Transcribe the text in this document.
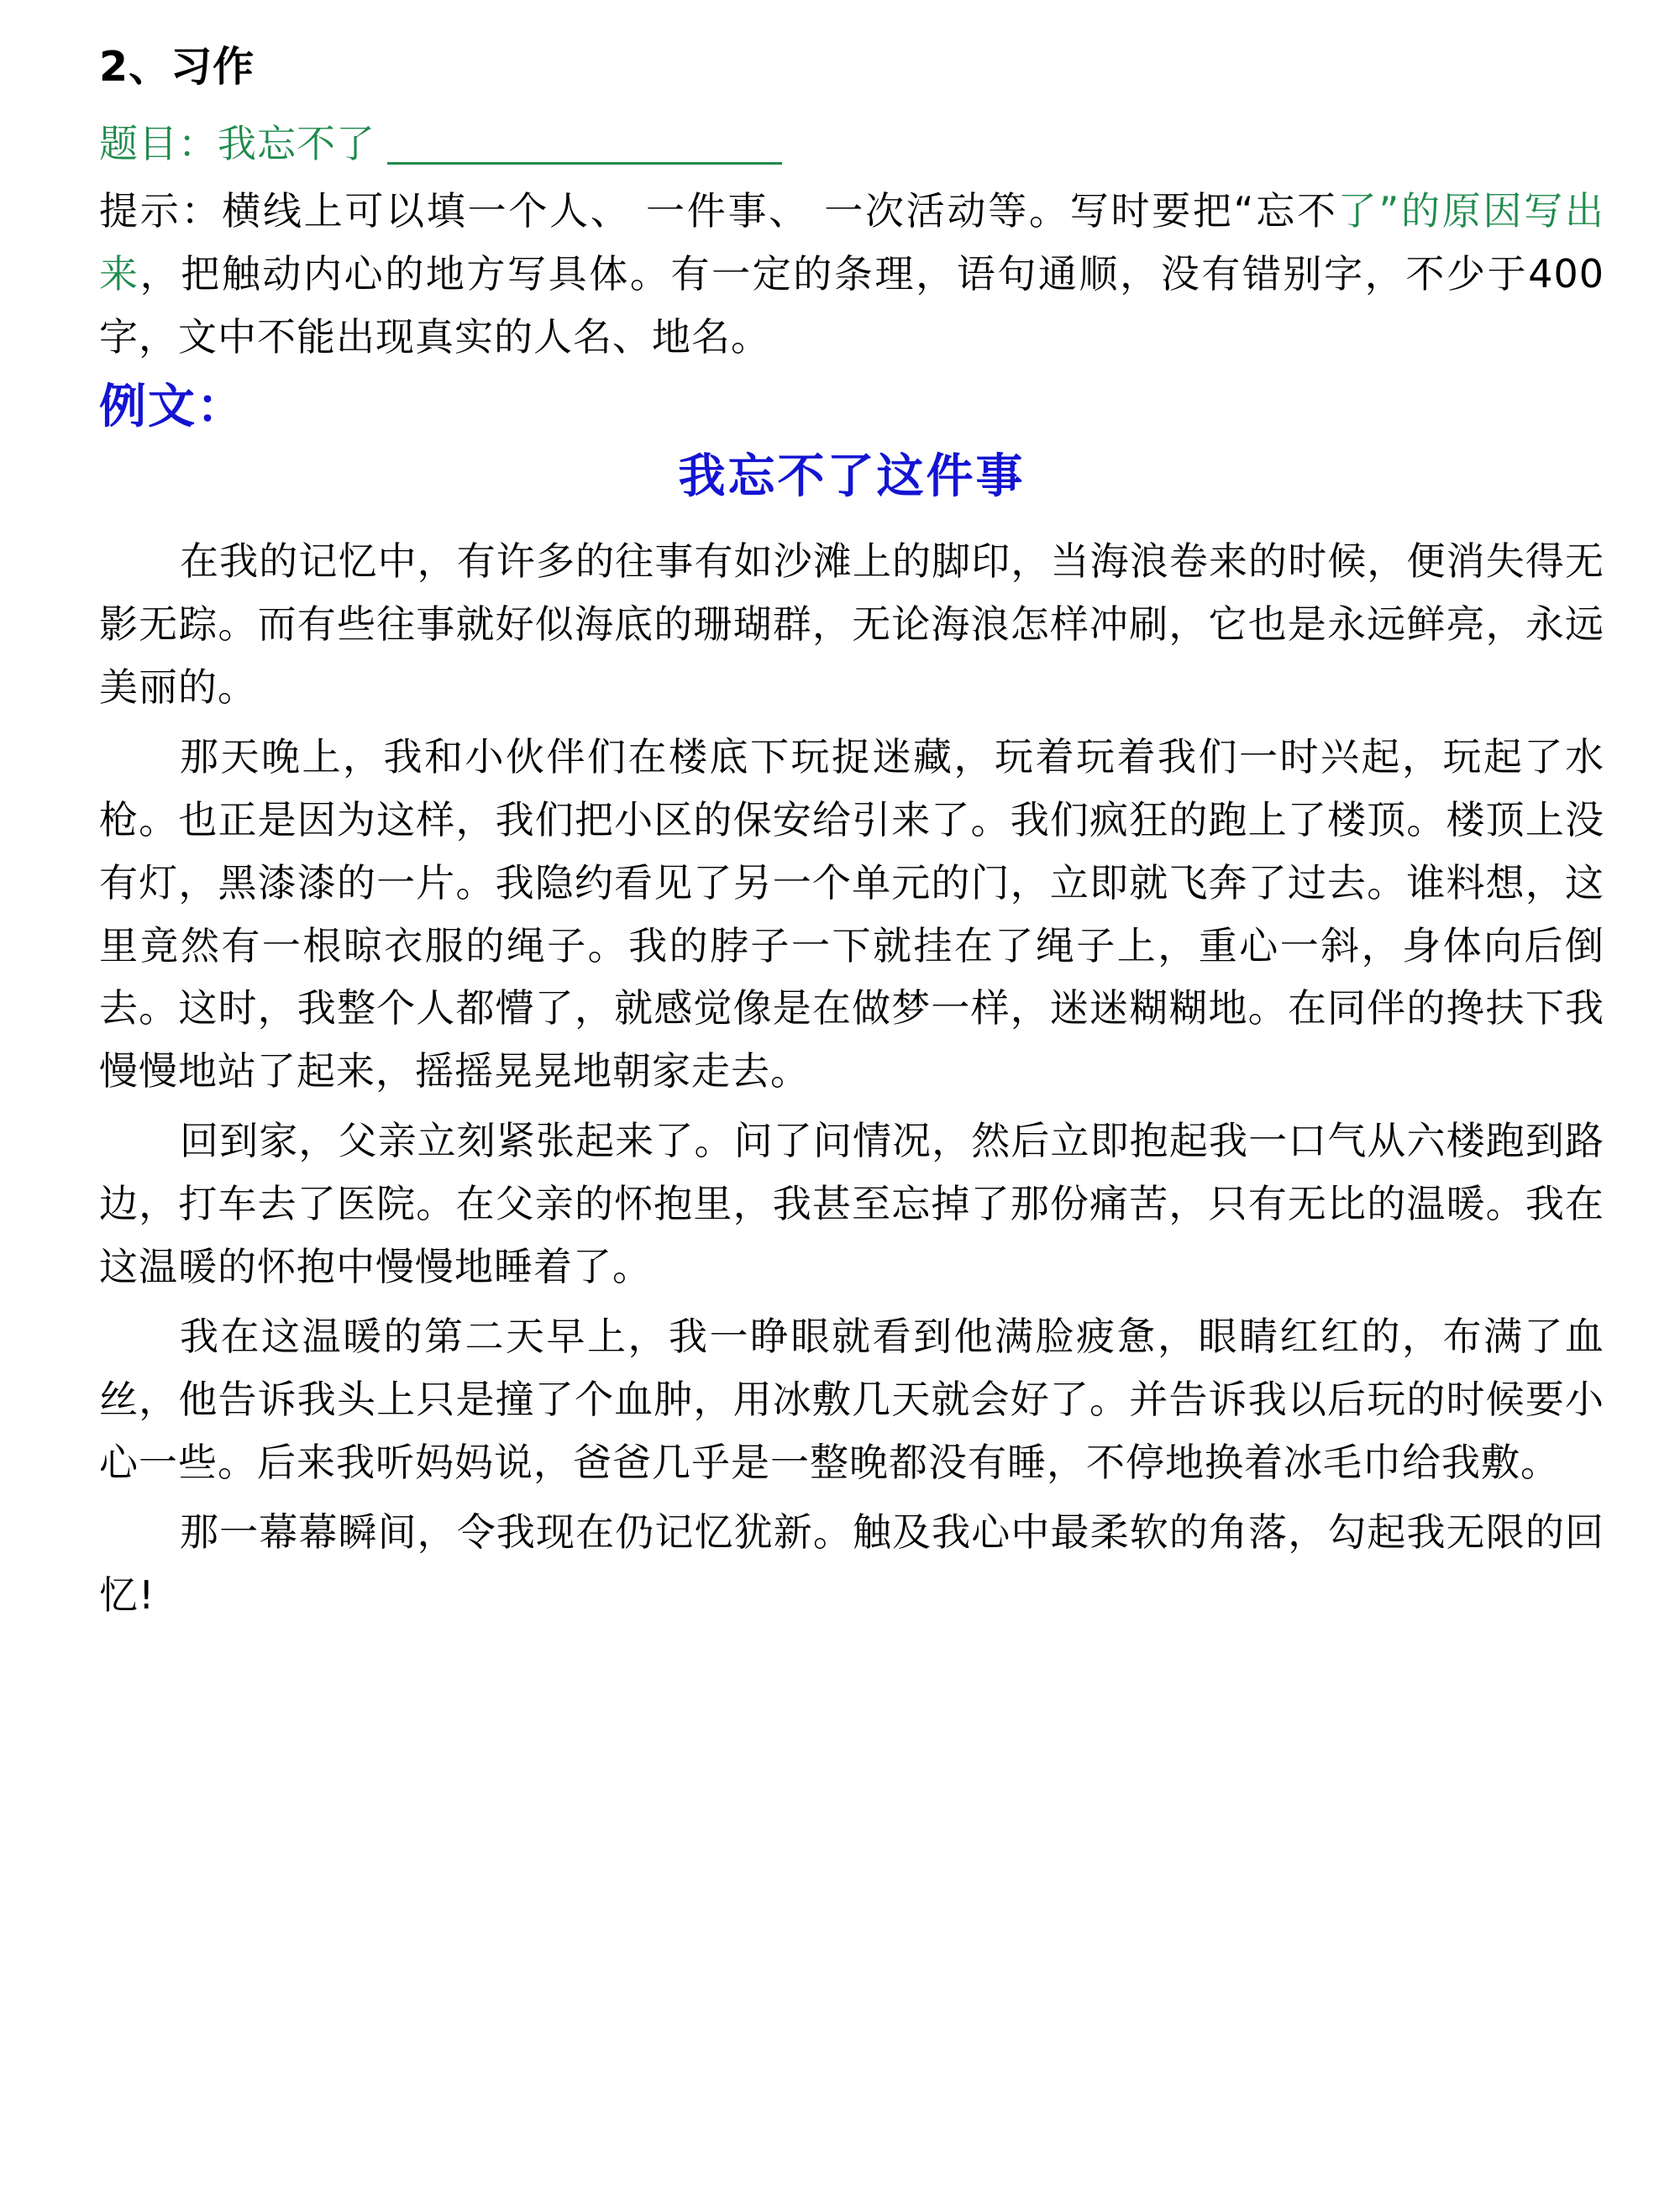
2、习作

题目：我忘不了

提示：横线上可以填一个人、 一件事、 一次活动等。写时要把“忘不了”的原因写出来，把触动内心的地方写具体。有一定的条理，语句通顺，没有错别字，不少于400字，文中不能出现真实的人名、地名。

例文：

我忘不了这件事

在我的记忆中，有许多的往事有如沙滩上的脚印，当海浪卷来的时候，便消失得无影无踪。而有些往事就好似海底的珊瑚群，无论海浪怎样冲刷，它也是永远鲜亮，永远美丽的。

那天晚上，我和小伙伴们在楼底下玩捉迷藏，玩着玩着我们一时兴起，玩起了水枪。也正是因为这样，我们把小区的保安给引来了。我们疯狂的跑上了楼顶。楼顶上没有灯，黑漆漆的一片。我隐约看见了另一个单元的门，立即就飞奔了过去。谁料想，这里竟然有一根晾衣服的绳子。我的脖子一下就挂在了绳子上，重心一斜，身体向后倒去。这时，我整个人都懵了，就感觉像是在做梦一样，迷迷糊糊地。在同伴的搀扶下我慢慢地站了起来，摇摇晃晃地朝家走去。

回到家，父亲立刻紧张起来了。问了问情况，然后立即抱起我一口气从六楼跑到路边，打车去了医院。在父亲的怀抱里，我甚至忘掉了那份痛苦，只有无比的温暖。我在这温暖的怀抱中慢慢地睡着了。

我在这温暖的第二天早上，我一睁眼就看到他满脸疲惫，眼睛红红的，布满了血丝，他告诉我头上只是撞了个血肿，用冰敷几天就会好了。并告诉我以后玩的时候要小心一些。后来我听妈妈说，爸爸几乎是一整晚都没有睡，不停地换着冰毛巾给我敷。

那一幕幕瞬间，令我现在仍记忆犹新。触及我心中最柔软的角落，勾起我无限的回忆!
